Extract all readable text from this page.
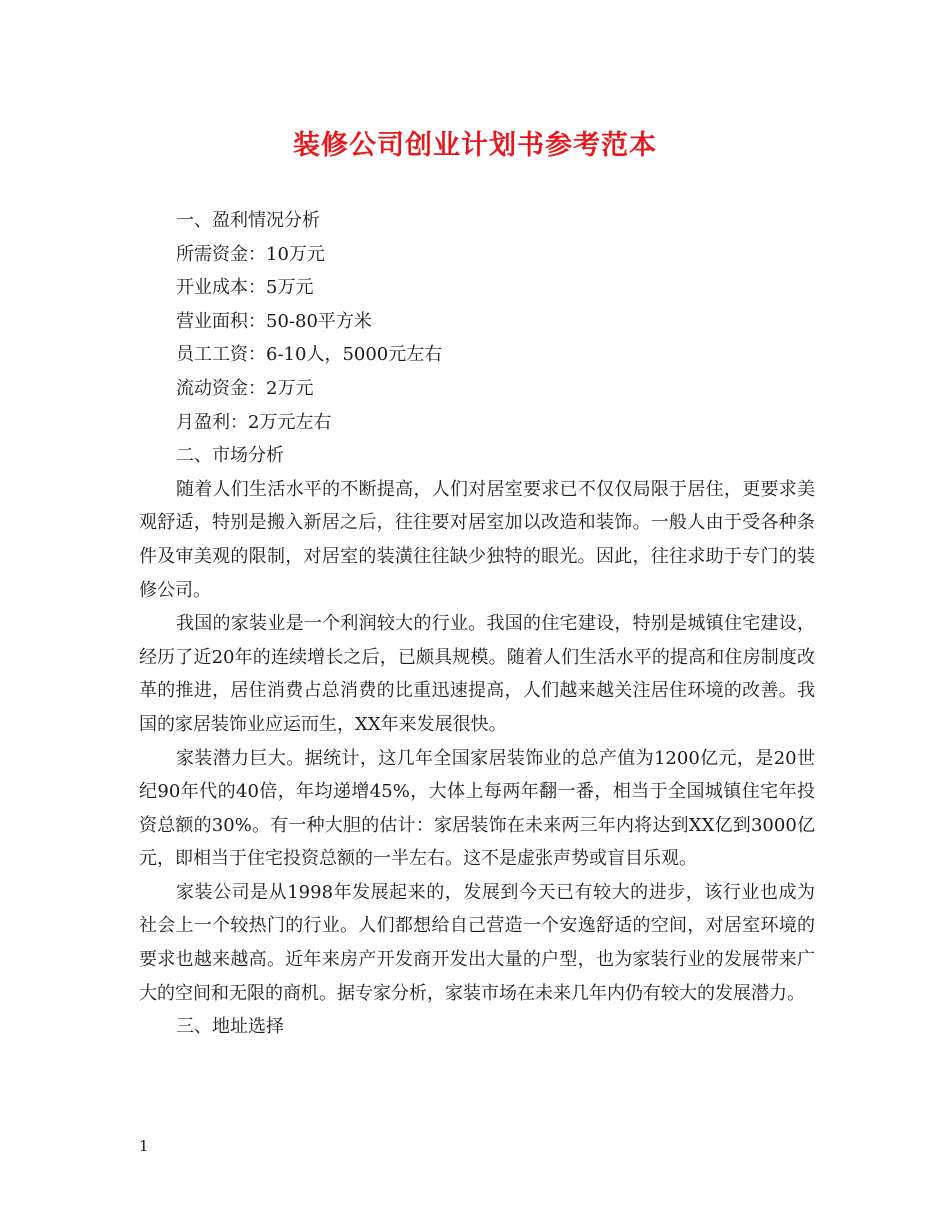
装修公司创业计划书参考范本

一、盈利情况分析

所需资金：10万元

开业成本：5万元

营业面积：50-80平方米

员工工资：6-10人，5000元左右

流动资金：2万元

月盈利：2万元左右

二、市场分析

随着人们生活水平的不断提高，人们对居室要求已不仅仅局限于居住，更要求美观舒适，特别是搬入新居之后，往往要对居室加以改造和装饰。一般人由于受各种条件及审美观的限制，对居室的装潢往往缺少独特的眼光。因此，往往求助于专门的装修公司。

我国的家装业是一个利润较大的行业。我国的住宅建设，特别是城镇住宅建设，经历了近20年的连续增长之后，已颇具规模。随着人们生活水平的提高和住房制度改革的推进，居住消费占总消费的比重迅速提高，人们越来越关注居住环境的改善。我国的家居装饰业应运而生，XX年来发展很快。

家装潜力巨大。据统计，这几年全国家居装饰业的总产值为1200亿元，是20世纪90年代的40倍，年均递增45%，大体上每两年翻一番，相当于全国城镇住宅年投资总额的30%。有一种大胆的估计：家居装饰在未来两三年内将达到XX亿到3000亿元，即相当于住宅投资总额的一半左右。这不是虚张声势或盲目乐观。

家装公司是从1998年发展起来的，发展到今天已有较大的进步，该行业也成为社会上一个较热门的行业。人们都想给自己营造一个安逸舒适的空间，对居室环境的要求也越来越高。近年来房产开发商开发出大量的户型，也为家装行业的发展带来广大的空间和无限的商机。据专家分析，家装市场在未来几年内仍有较大的发展潜力。

三、地址选择

1
